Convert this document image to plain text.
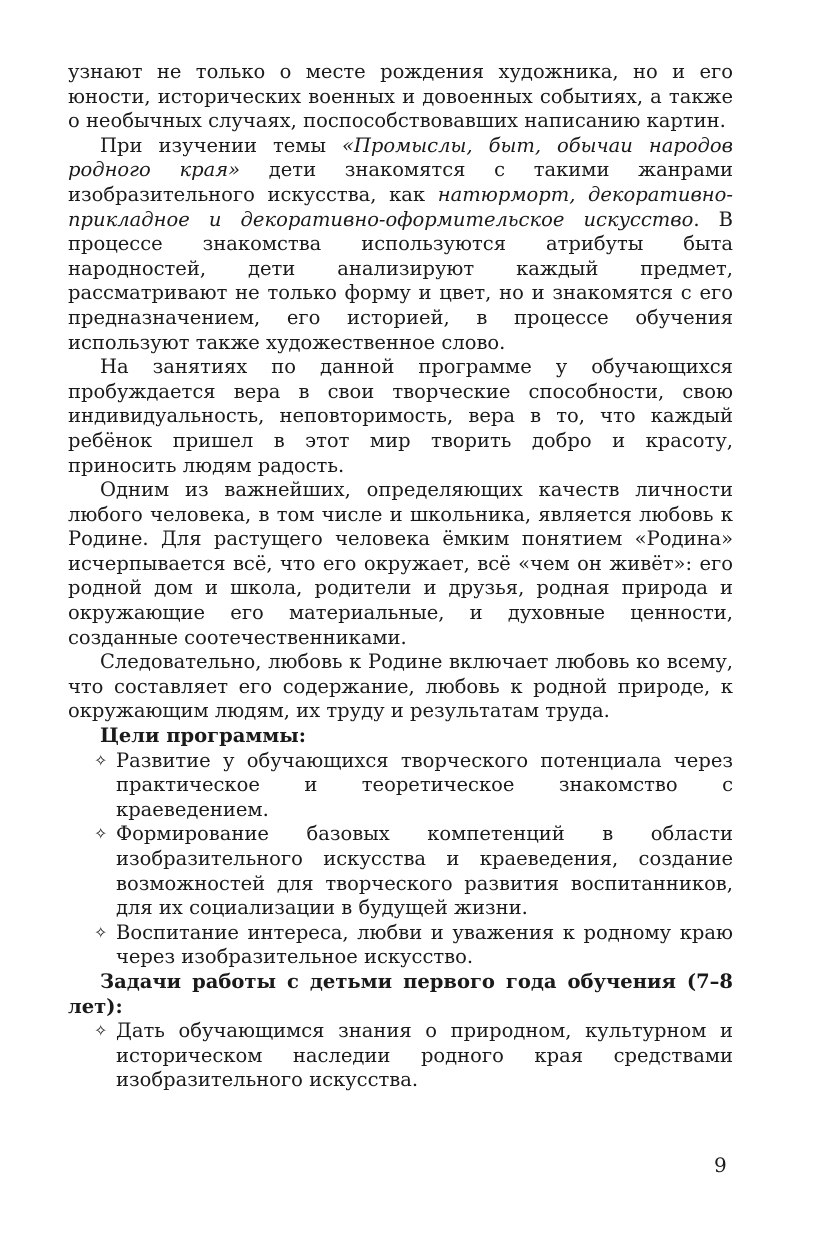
узнают не только о месте рождения художника, но и его юности, исторических военных и довоенных событиях, а также о необычных случаях, поспособствовавших написанию картин.

При изучении темы «Промыслы, быт, обычаи народов родного края» дети знакомятся с такими жанрами изобразительного искусства, как натюрморт, декоративно-прикладное и декоративно-оформительское искусство. В процессе знакомства используются атрибуты быта народностей, дети анализируют каждый предмет, рассматривают не только форму и цвет, но и знакомятся с его предназначением, его историей, в процессе обучения используют также художественное слово.

На занятиях по данной программе у обучающихся пробуждается вера в свои творческие способности, свою индивидуальность, неповторимость, вера в то, что каждый ребёнок пришел в этот мир творить добро и красоту, приносить людям радость.

Одним из важнейших, определяющих качеств личности любого человека, в том числе и школьника, является любовь к Родине. Для растущего человека ёмким понятием «Родина» исчерпывается всё, что его окружает, всё «чем он живёт»: его родной дом и школа, родители и друзья, родная природа и окружающие его материальные, и духовные ценности, созданные соотечественниками.

Следовательно, любовь к Родине включает любовь ко всему, что составляет его содержание, любовь к родной природе, к окружающим людям, их труду и результатам труда.

Цели программы:

✧ Развитие у обучающихся творческого потенциала через практическое и теоретическое знакомство с краеведением.
✧ Формирование базовых компетенций в области изобразительного искусства и краеведения, создание возможностей для творческого развития воспитанников, для их социализации в будущей жизни.
✧ Воспитание интереса, любви и уважения к родному краю через изобразительное искусство.

Задачи работы с детьми первого года обучения (7–8 лет):

✧ Дать обучающимся знания о природном, культурном и историческом наследии родного края средствами изобразительного искусства.
9
